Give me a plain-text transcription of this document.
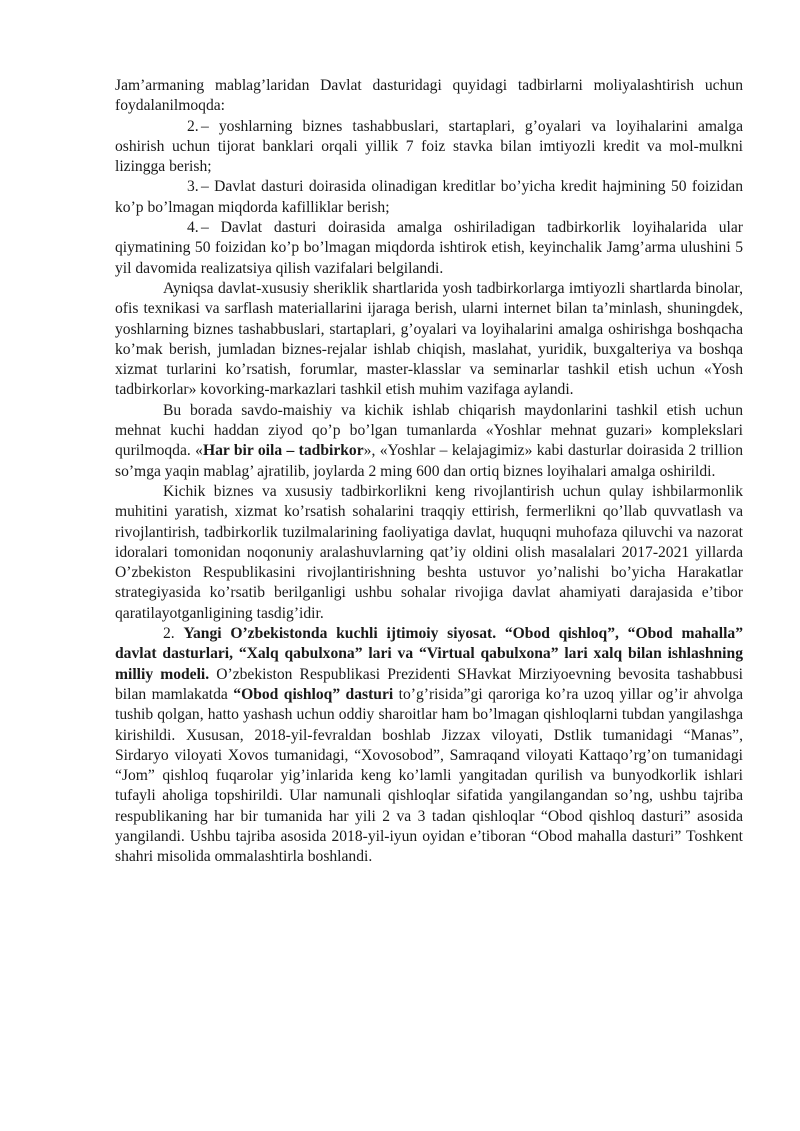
Jam’armaning mablag’laridan Davlat dasturidagi quyidagi tadbirlarni moliyalashtirish uchun foydalanilmoqda:

2. – yoshlarning biznes tashabbuslari, startaplari, g’oyalari va loyihalarini amalga oshirish uchun tijorat banklari orqali yillik 7 foiz stavka bilan imtiyozli kredit va mol-mulkni lizingga berish;

3. – Davlat dasturi doirasida olinadigan kreditlar bo’yicha kredit hajmining 50 foizidan ko’p bo’lmagan miqdorda kafilliklar berish;

4. – Davlat dasturi doirasida amalga oshiriladigan tadbirkorlik loyihalarida ular qiymatining 50 foizidan ko’p bo’lmagan miqdorda ishtirok etish, keyinchalik Jamg’arma ulushini 5 yil davomida realizatsiya qilish vazifalari belgilandi.

Ayniqsa davlat-xususiy sheriklik shartlarida yosh tadbirkorlarga imtiyozli shartlarda binolar, ofis texnikasi va sarflash materiallarini ijaraga berish, ularni internet bilan ta’minlash, shuningdek, yoshlarning biznes tashabbuslari, startaplari, g’oyalari va loyihalarini amalga oshirishga boshqacha ko’mak berish, jumladan biznes-rejalar ishlab chiqish, maslahat, yuridik, buxgalteriya va boshqa xizmat turlarini ko’rsatish, forumlar, master-klasslar va seminarlar tashkil etish uchun «Yosh tadbirkorlar» kovorking-markazlari tashkil etish muhim vazifaga aylandi.

Bu borada savdo-maishiy va kichik ishlab chiqarish maydonlarini tashkil etish uchun mehnat kuchi haddan ziyod qo’p bo’lgan tumanlarda «Yoshlar mehnat guzari» komplekslari qurilmoqda. «Har bir oila – tadbirkor», «Yoshlar – kelajagimiz» kabi dasturlar doirasida 2 trillion so’mga yaqin mablag’ ajratilib, joylarda 2 ming 600 dan ortiq biznes loyihalari amalga oshirildi.

Kichik biznes va xususiy tadbirkorlikni keng rivojlantirish uchun qulay ishbilarmonlik muhitini yaratish, xizmat ko’rsatish sohalarini traqqiy ettirish, fermerlikni qo’llab quvvatlash va rivojlantirish, tadbirkorlik tuzilmalarining faoliyatiga davlat, huquqni muhofaza qiluvchi va nazorat idoralari tomonidan noqonuniy aralashuvlarning qat’iy oldini olish masalalari 2017-2021 yillarda O’zbekiston Respublikasini rivojlantirishning beshta ustuvor yo’nalishi bo’yicha Harakatlar strategiyasida ko’rsatib berilganligi ushbu sohalar rivojiga davlat ahamiyati darajasida e’tibor qaratilayotganligining tasdig’idir.

2. Yangi O’zbekistonda kuchli ijtimoiy siyosat. “Obod qishloq”, “Obod mahalla” davlat dasturlari, “Xalq qabulxona” lari va “Virtual qabulxona” lari xalq bilan ishlashning milliy modeli. O’zbekiston Respublikasi Prezidenti SHavkat Mirziyoevning bevosita tashabbusi bilan mamlakatda “Obod qishloq” dasturi to’g’risida”gi qaroriga ko’ra uzoq yillar og’ir ahvolga tushib qolgan, hatto yashash uchun oddiy sharoitlar ham bo’lmagan qishloqlarni tubdan yangilashga kirishildi. Xususan, 2018-yil-fevraldan boshlab Jizzax viloyati, Dstlik tumanidagi “Manas”, Sirdaryo viloyati Xovos tumanidagi, “Xovosobod”, Samraqand viloyati Kattaqo’rg’on tumanidagi “Jom” qishloq fuqarolar yig’inlarida keng ko’lamli yangitadan qurilish va bunyodkorlik ishlari tufayli aholiga topshirildi. Ular namunali qishloqlar sifatida yangilangandan so’ng, ushbu tajriba respublikaning har bir tumanida har yili 2 va 3 tadan qishloqlar “Obod qishloq dasturi” asosida yangilandi. Ushbu tajriba asosida 2018-yil-iyun oyidan e’tiboran “Obod mahalla dasturi” Toshkent shahri misolida ommalashtirla boshlandi.
